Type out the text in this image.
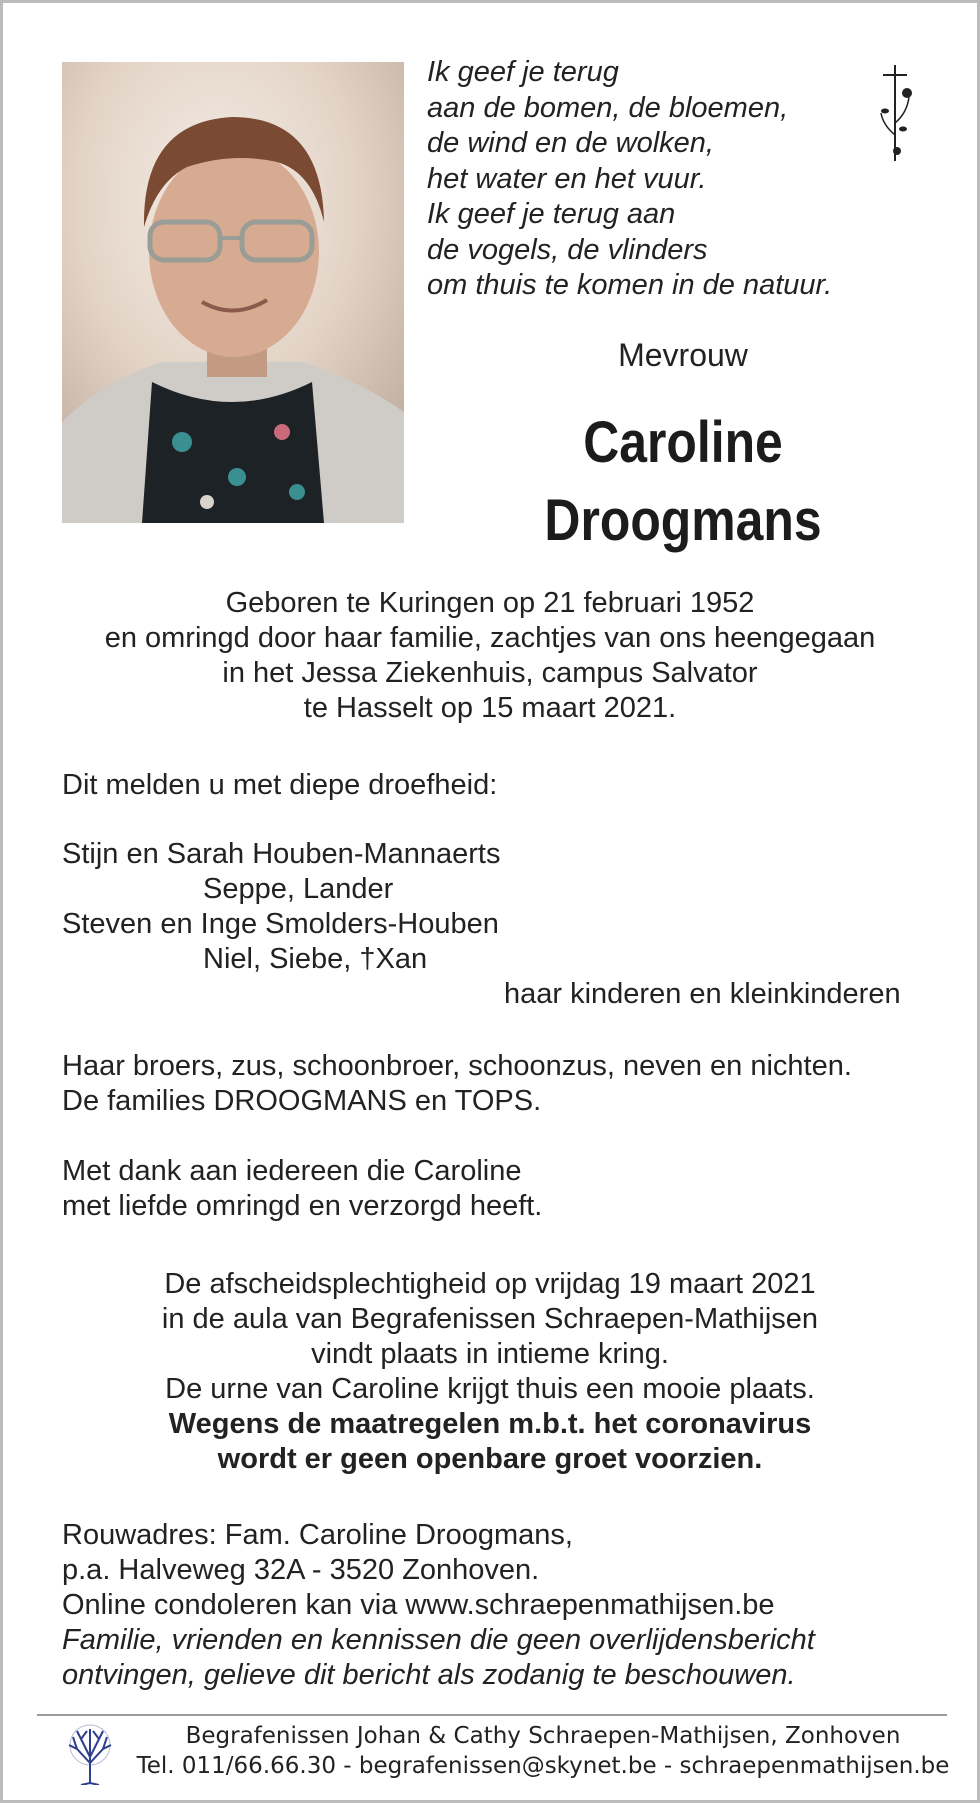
Ik geef je terug
aan de bomen, de bloemen,
de wind en de wolken,
het water en het vuur.
Ik geef je terug aan
de vogels, de vlinders
om thuis te komen in de natuur.
Mevrouw
Caroline
Droogmans
Geboren te Kuringen op 21 februari 1952
en omringd door haar familie, zachtjes van ons heengegaan
in het Jessa Ziekenhuis, campus Salvator
te Hasselt op 15 maart 2021.
Dit melden u met diepe droefheid:
Stijn en Sarah Houben-Mannaerts
Seppe, Lander
Steven en Inge Smolders-Houben
Niel, Siebe, †Xan
haar kinderen en kleinkinderen
Haar broers, zus, schoonbroer, schoonzus, neven en nichten.
De families DROOGMANS en TOPS.
Met dank aan iedereen die Caroline
met liefde omringd en verzorgd heeft.
De afscheidsplechtigheid op vrijdag 19 maart 2021
in de aula van Begrafenissen Schraepen-Mathijsen
vindt plaats in intieme kring.
De urne van Caroline krijgt thuis een mooie plaats.
Wegens de maatregelen m.b.t. het coronavirus
wordt er geen openbare groet voorzien.
Rouwadres: Fam. Caroline Droogmans,
p.a. Halveweg 32A - 3520 Zonhoven.
Online condoleren kan via www.schraepenmathijsen.be
Familie, vrienden en kennissen die geen overlijdensbericht
ontvingen, gelieve dit bericht als zodanig te beschouwen.
Begrafenissen Johan & Cathy Schraepen-Mathijsen, Zonhoven
Tel. 011/66.66.30 - begrafenissen@skynet.be - schraepenmathijsen.be
